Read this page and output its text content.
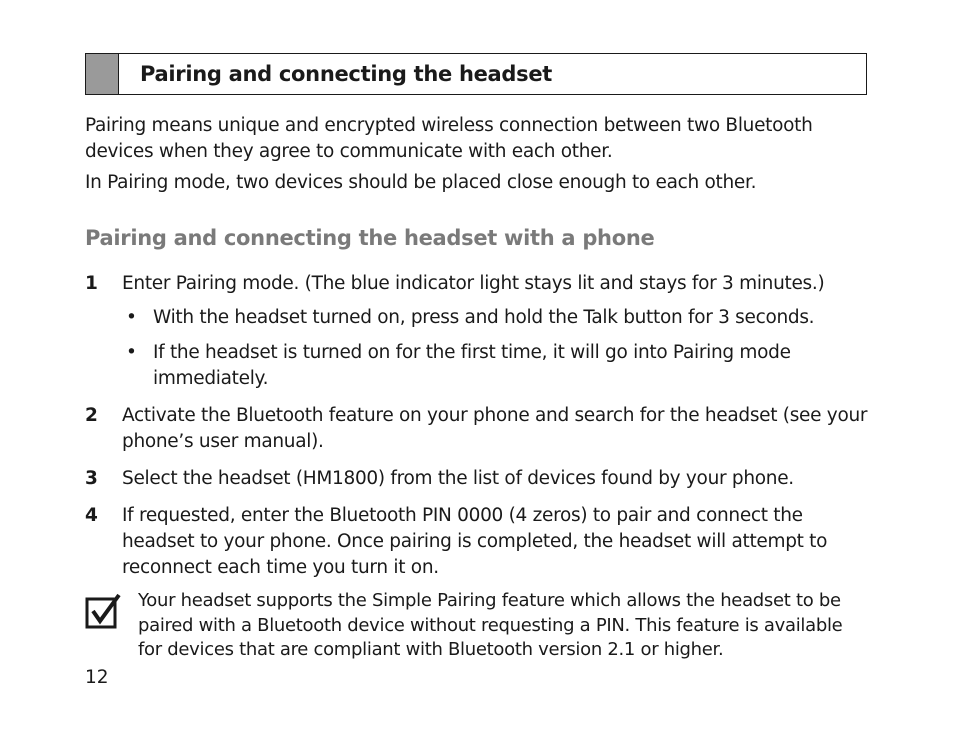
Pairing and connecting the headset
Pairing means unique and encrypted wireless connection between two Bluetooth devices when they agree to communicate with each other.
In Pairing mode, two devices should be placed close enough to each other.
Pairing and connecting the headset with a phone
1 Enter Pairing mode. (The blue indicator light stays lit and stays for 3 minutes.)
• With the headset turned on, press and hold the Talk button for 3 seconds.
• If the headset is turned on for the first time, it will go into Pairing mode immediately.
2 Activate the Bluetooth feature on your phone and search for the headset (see your phone’s user manual).
3 Select the headset (HM1800) from the list of devices found by your phone.
4 If requested, enter the Bluetooth PIN 0000 (4 zeros) to pair and connect the headset to your phone. Once pairing is completed, the headset will attempt to reconnect each time you turn it on.
Your headset supports the Simple Pairing feature which allows the headset to be paired with a Bluetooth device without requesting a PIN. This feature is available for devices that are compliant with Bluetooth version 2.1 or higher.
12
